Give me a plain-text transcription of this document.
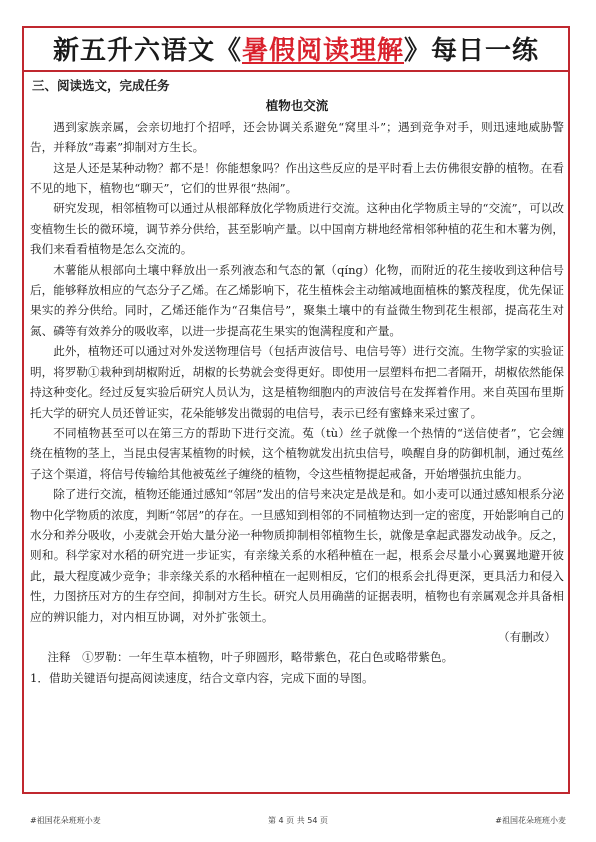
新五升六语文《 暑假阅读理解 》每日一练
三、阅读选文，完成任务
植物也交流

遇到家族亲属，会亲切地打个招呼，还会协调关系避免“窝里斗”；遇到竞争对手，则迅速地威胁警告，并释放“毒素”抑制对方生长。

这是人还是某种动物？都不是！你能想象吗？作出这些反应的是平时看上去仿佛很安静的植物。在看不见的地下，植物也“聊天”，它们的世界很“热闹”。

研究发现，相邻植物可以通过从根部释放化学物质进行交流。这种由化学物质主导的“交流”，可以改变植物生长的微环境，调节养分供给，甚至影响产量。以中国南方耕地经常相邻种植的花生和木薯为例，我们来看看植物是怎么交流的。

木薯能从根部向土壤中释放出一系列液态和气态的氰（qíng）化物，而附近的花生接收到这种信号后，能够释放相应的气态分子乙烯。在乙烯影响下，花生植株会主动缩减地面植株的繁茂程度，优先保证果实的养分供给。同时，乙烯还能作为“召集信号”，聚集土壤中的有益微生物到花生根部，提高花生对氮、磷等有效养分的吸收率，以进一步提高花生果实的饱满程度和产量。

此外，植物还可以通过对外发送物理信号（包括声波信号、电信号等）进行交流。生物学家的实验证明，将罗勒①栽种到胡椒附近，胡椒的长势就会变得更好。即使用一层塑料布把二者隔开，胡椒依然能保持这种变化。经过反复实验后研究人员认为，这是植物细胞内的声波信号在发挥着作用。来自英国布里斯托大学的研究人员还曾证实，花朵能够发出微弱的电信号，表示已经有蜜蜂来采过蜜了。

不同植物甚至可以在第三方的帮助下进行交流。菟（tù）丝子就像一个热情的“送信使者”，它会缠绕在植物的茎上，当昆虫侵害某植物的时候，这个植物就发出抗虫信号，唤醒自身的防御机制，通过菟丝子这个渠道，将信号传输给其他被菟丝子缠绕的植物，令这些植物提起戒备，开始增强抗虫能力。

除了进行交流，植物还能通过感知“邻居”发出的信号来决定是战是和。如小麦可以通过感知根系分泌物中化学物质的浓度，判断“邻居”的存在。一旦感知到相邻的不同植物达到一定的密度，开始影响自己的水分和养分吸收，小麦就会开始大量分泌一种物质抑制相邻植物生长，就像是拿起武器发动战争。反之，则和。科学家对水稻的研究进一步证实，有亲缘关系的水稻种植在一起，根系会尽量小心翼翼地避开彼此，最大程度减少竞争；非亲缘关系的水稻种植在一起则相反，它们的根系会扎得更深，更具活力和侵入性，力图挤压对方的生存空间，抑制对方生长。研究人员用确凿的证据表明，植物也有亲属观念并具备相应的辨识能力，对内相互协调，对外扩张领土。

（有删改）

注释　①罗勒：一年生草本植物，叶子卵圆形，略带紫色，花白色或略带紫色。

1．借助关键语句提高阅读速度，结合文章内容，完成下面的导图。

#祖国花朵班班小麦	第 4 页 共 54 页	#祖国花朵班班小麦
